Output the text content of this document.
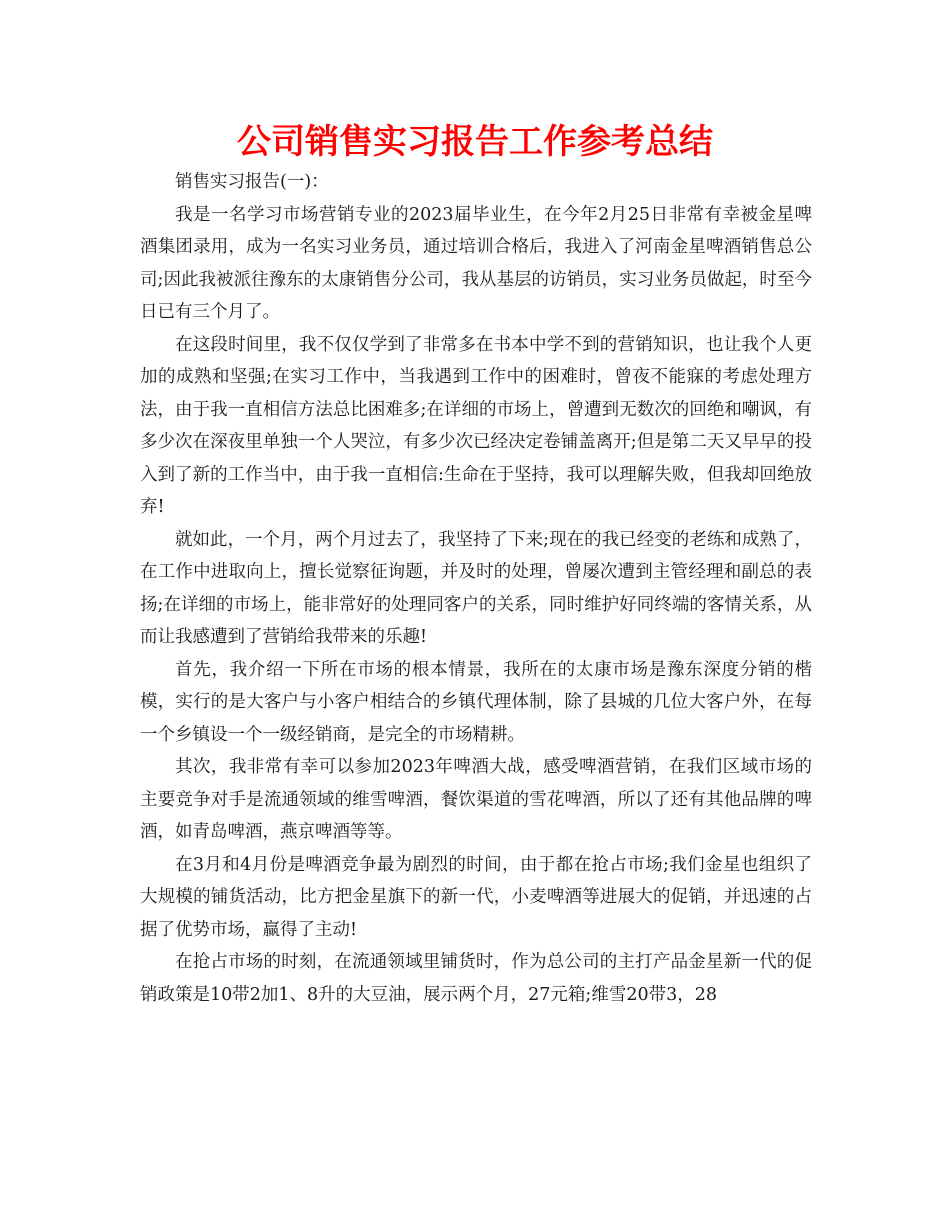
公司销售实习报告工作参考总结

销售实习报告(一)：

我是一名学习市场营销专业的2023届毕业生，在今年2月25日非常有幸被金星啤酒集团录用，成为一名实习业务员，通过培训合格后，我进入了河南金星啤酒销售总公司;因此我被派往豫东的太康销售分公司，我从基层的访销员，实习业务员做起，时至今日已有三个月了。

在这段时间里，我不仅仅学到了非常多在书本中学不到的营销知识，也让我个人更加的成熟和坚强;在实习工作中，当我遇到工作中的困难时，曾夜不能寐的考虑处理方法，由于我一直相信方法总比困难多;在详细的市场上，曾遭到无数次的回绝和嘲讽，有多少次在深夜里单独一个人哭泣，有多少次已经决定卷铺盖离开;但是第二天又早早的投入到了新的工作当中，由于我一直相信:生命在于坚持，我可以理解失败，但我却回绝放弃!

就如此，一个月，两个月过去了，我坚持了下来;现在的我已经变的老练和成熟了，在工作中进取向上，擅长觉察征询题，并及时的处理，曾屡次遭到主管经理和副总的表扬;在详细的市场上，能非常好的处理同客户的关系，同时维护好同终端的客情关系，从而让我感遭到了营销给我带来的乐趣!

首先，我介绍一下所在市场的根本情景，我所在的太康市场是豫东深度分销的楷模，实行的是大客户与小客户相结合的乡镇代理体制，除了县城的几位大客户外，在每一个乡镇设一个一级经销商，是完全的市场精耕。

其次，我非常有幸可以参加2023年啤酒大战，感受啤酒营销，在我们区域市场的主要竞争对手是流通领域的维雪啤酒，餐饮渠道的雪花啤酒，所以了还有其他品牌的啤酒，如青岛啤酒，燕京啤酒等等。

在3月和4月份是啤酒竞争最为剧烈的时间，由于都在抢占市场;我们金星也组织了大规模的铺货活动，比方把金星旗下的新一代，小麦啤酒等进展大的促销，并迅速的占据了优势市场，赢得了主动!

在抢占市场的时刻，在流通领域里铺货时，作为总公司的主打产品金星新一代的促销政策是10带2加1、8升的大豆油，展示两个月，27元箱;维雪20带3，28
